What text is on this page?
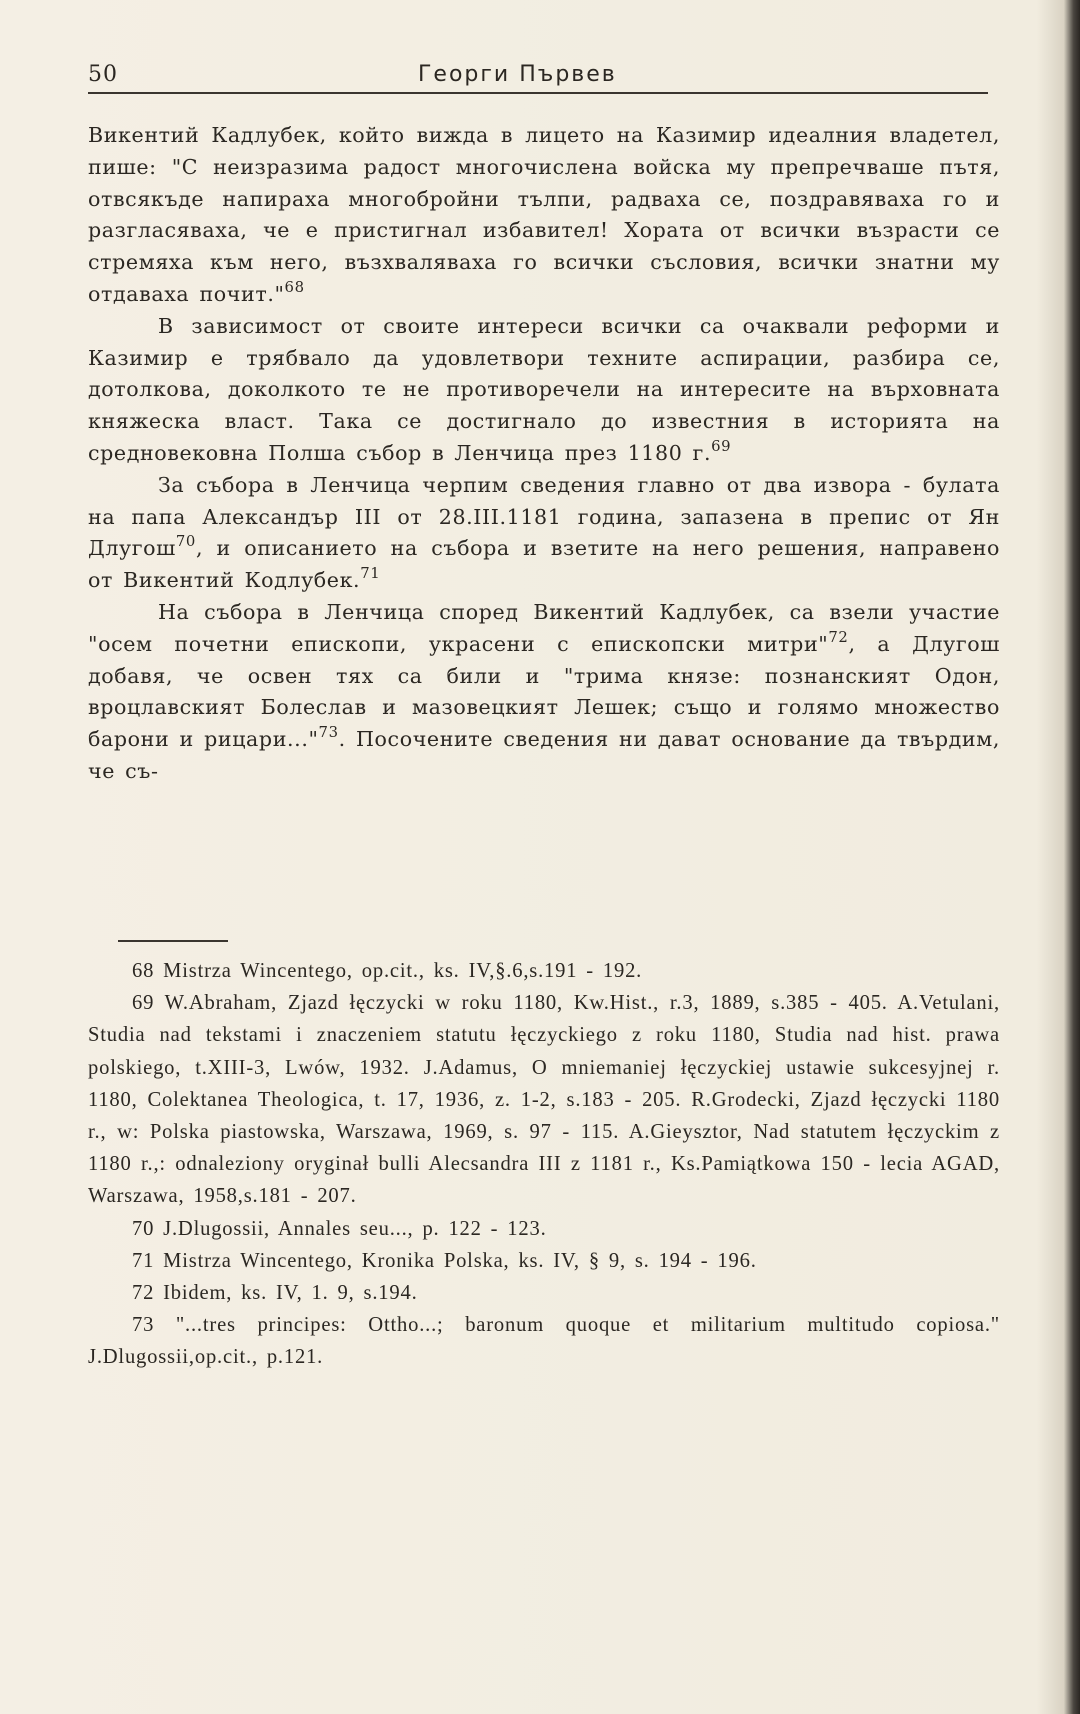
50	Георги Първев

Викентий Кадлубек, който вижда в лицето на Казимир идеалния владетел, пише: "С неизразима радост многочислена войска му препречваше пътя, отвсякъде напираха многобройни тълпи, радваха се, поздравяваха го и разгласяваха, че е пристигнал избавител! Хората от всички възрасти се стремяха към него, възхваляваха го всички съсловия, всички знатни му отдаваха почит."$^{68}$

В зависимост от своите интереси всички са очаквали реформи и Казимир е трябвало да удовлетвори техните аспирации, разбира се, дотолкова, доколкото те не противоречели на интересите на върховната княжеска власт. Така се достигнало до известния в историята на средновековна Полша събор в Ленчица през 1180 г.$^{69}$

За събора в Ленчица черпим сведения главно от два извора - булата на папа Александър III от 28.III.1181 година, запазена в препис от Ян Длугош$^{70}$, и описанието на събора и взетите на него решения, направено от Викентий Кодлубек.$^{71}$

На събора в Ленчица според Викентий Кадлубек, са взели участие "осем почетни епископи, украсени с епископски митри"$^{72}$, а Длугош добавя, че освен тях са били и "трима князе: познанският Одон, вроцлавският Болеслав и мазовецкият Лешек; също и голямо множество барони и рицари..."$^{73}$. Посочените сведения ни дават основание да твърдим, че съ-

68 Mistrza Wincentego, op.cit., ks. IV,§.6,s.191 - 192.

69 W.Abraham, Zjazd łęczycki w roku 1180, Kw.Hist., r.3, 1889, s.385 - 405. A.Vetulani, Studia nad tekstami i znaczeniem statutu łęczyckiego z roku 1180, Studia nad hist. prawa polskiego, t.XIII-3, Lwów, 1932. J.Adamus, O mniemaniej łęczyckiej ustawie sukcesyjnej r. 1180, Colektanea Theologica, t. 17, 1936, z. 1-2, s.183 - 205. R.Grodecki, Zjazd łęczycki 1180 r., w: Polska piastowska, Warszawa, 1969, s. 97 - 115. A.Gieysztor, Nad statutem łęczyckim z 1180 r.,: odnaleziony oryginał bulli Alecsandra III z 1181 r., Ks.Pamiątkowa 150 - lecia AGAD, Warszawa, 1958,s.181 - 207.

70 J.Dlugossii, Annales seu..., p. 122 - 123.

71 Mistrza Wincentego, Kronika Polska, ks. IV, § 9, s. 194 - 196.

72 Ibidem, ks. IV, 1. 9, s.194.

73 "...tres principes: Ottho...; baronum quoque et militarium multitudo copiosa." J.Dlugossii,op.cit., p.121.
